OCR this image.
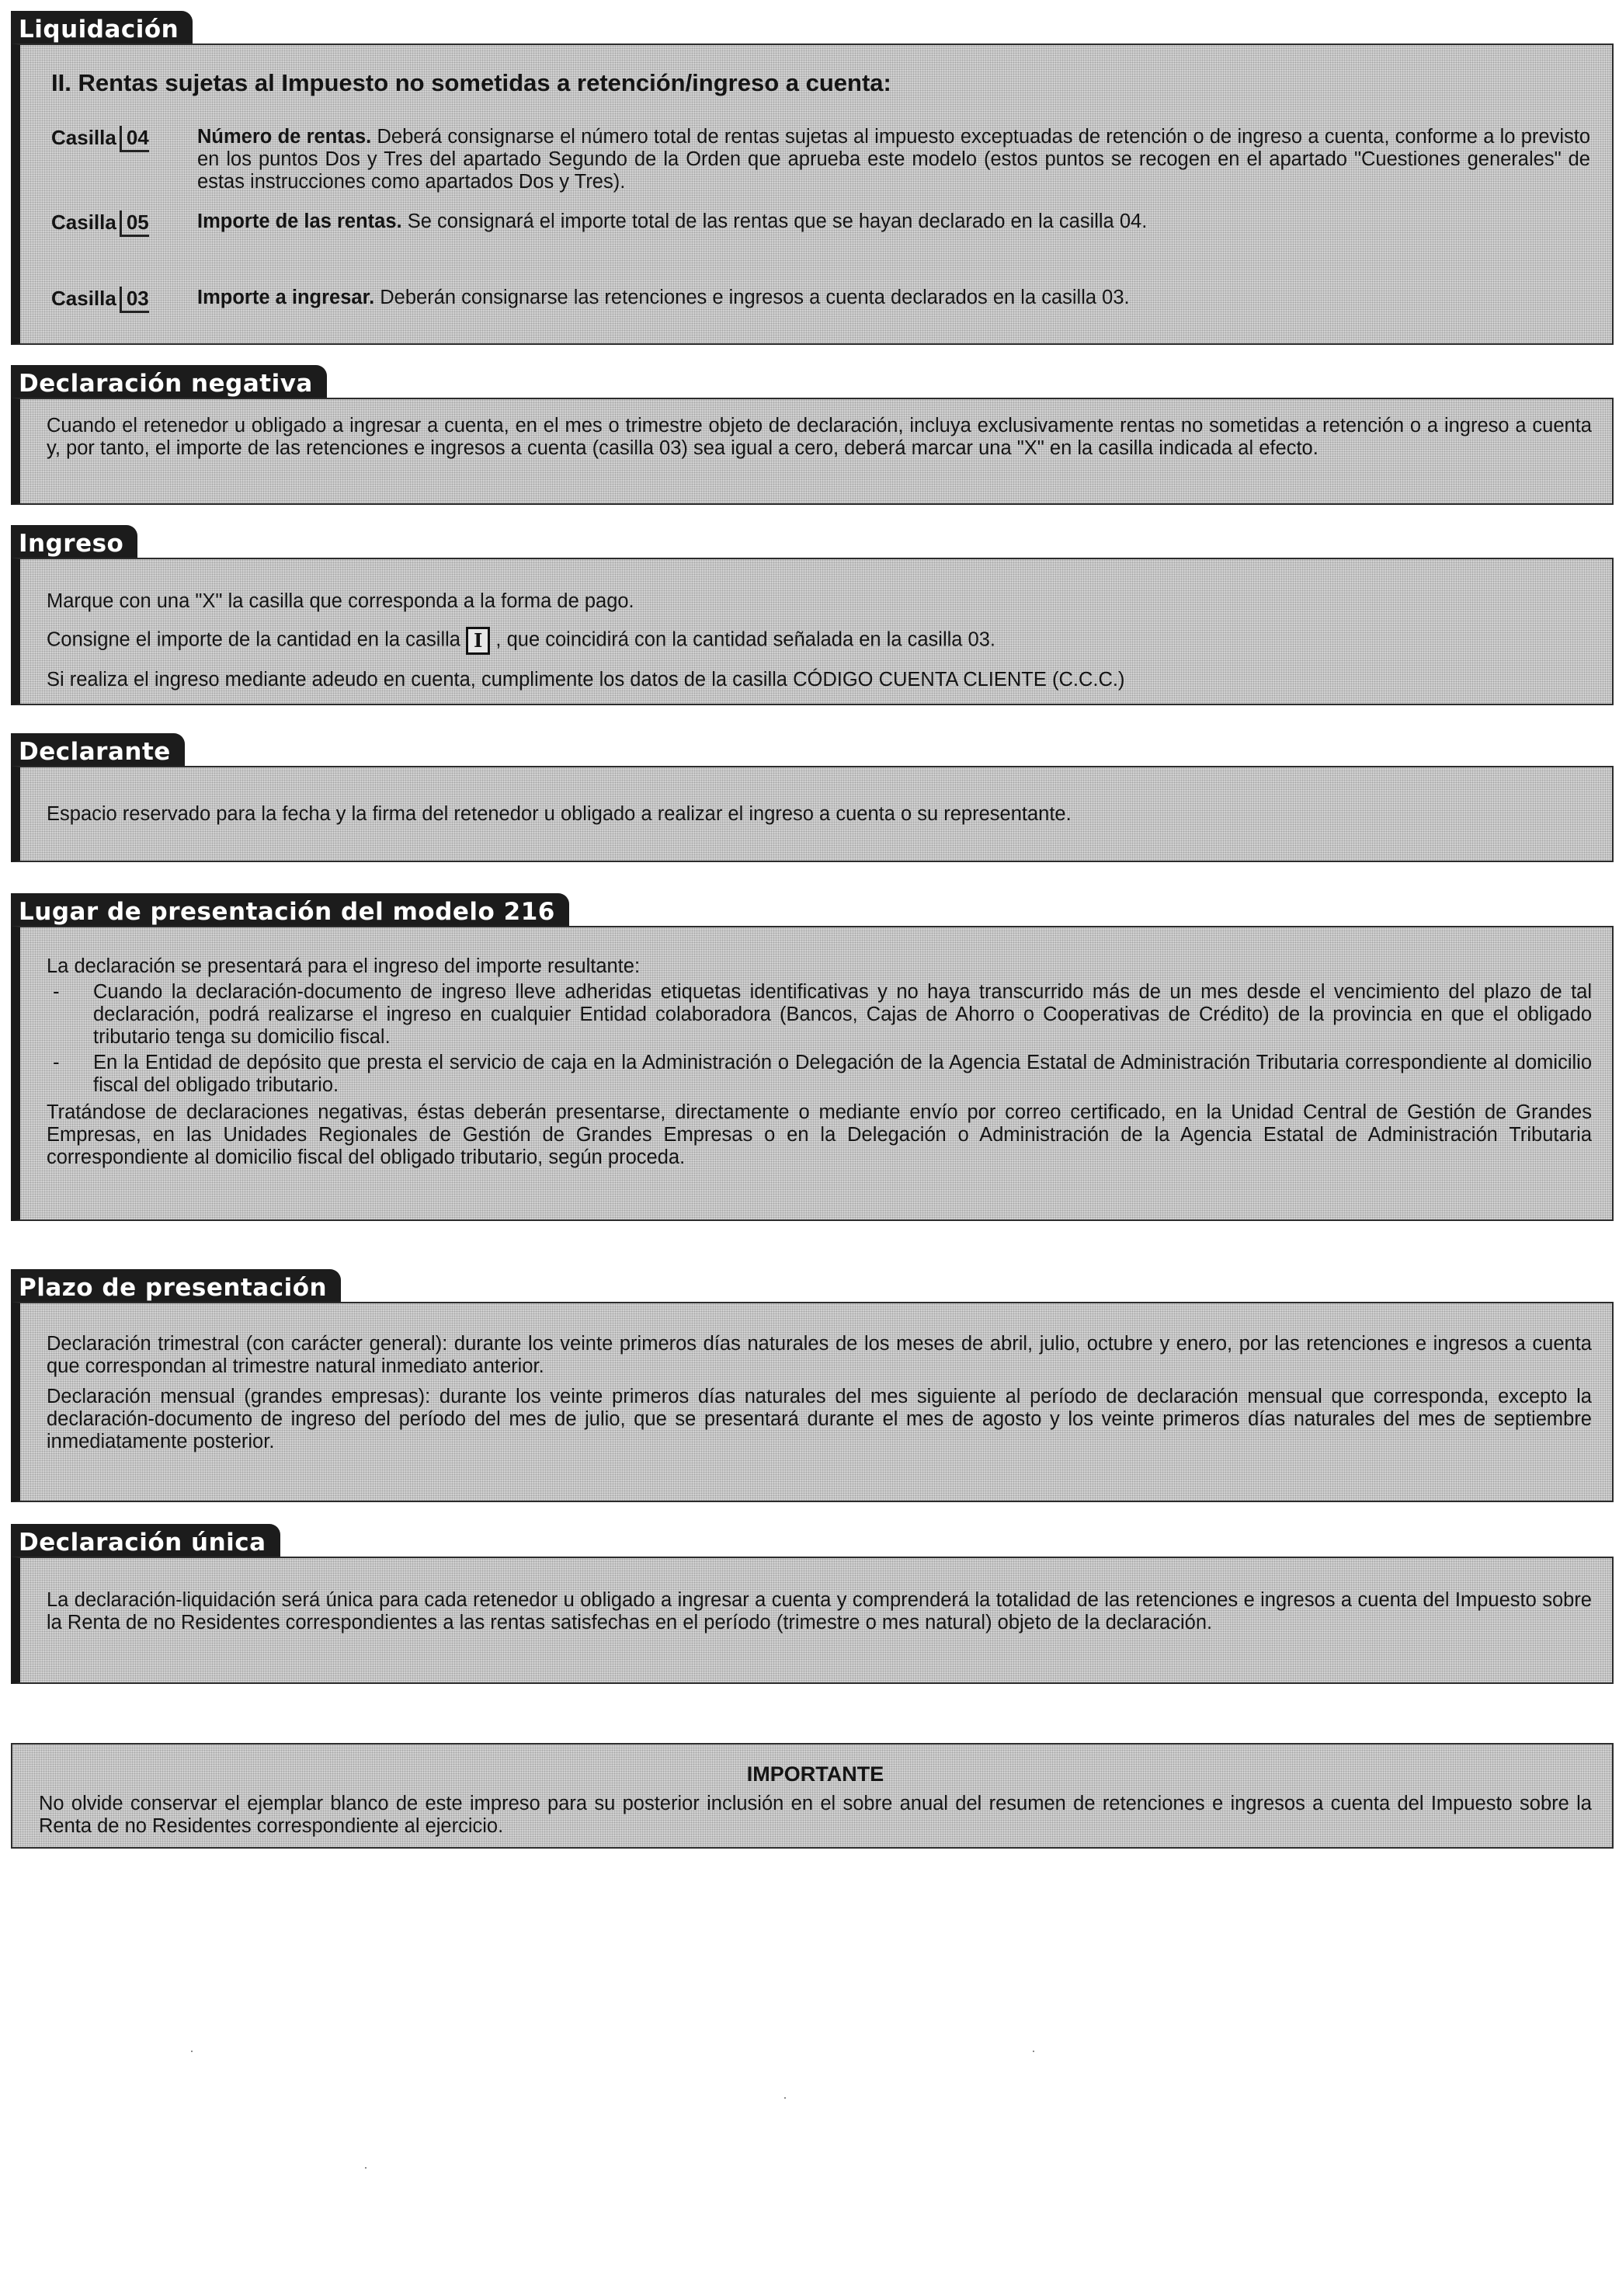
Liquidación

II. Rentas sujetas al Impuesto no sometidas a retención/ingreso a cuenta:

Casilla 04	Número de rentas. Deberá consignarse el número total de rentas sujetas al impuesto exceptuadas de retención o de ingreso a cuenta, conforme a lo previsto en los puntos Dos y Tres del apartado Segundo de la Orden que aprueba este modelo (estos puntos se recogen en el apartado "Cuestiones generales" de estas instrucciones como apartados Dos y Tres).
Casilla 05	Importe de las rentas. Se consignará el importe total de las rentas que se hayan declarado en la casilla 04.
Casilla 03	Importe a ingresar. Deberán consignarse las retenciones e ingresos a cuenta declarados en la casilla 03.
Declaración negativa

Cuando el retenedor u obligado a ingresar a cuenta, en el mes o trimestre objeto de declaración, incluya exclusivamente rentas no sometidas a retención o a ingreso a cuenta y, por tanto, el importe de las retenciones e ingresos a cuenta (casilla 03) sea igual a cero, deberá marcar una "X" en la casilla indicada al efecto.

Ingreso

Marque con una "X" la casilla que corresponda a la forma de pago.

Consigne el importe de la cantidad en la casilla I , que coincidirá con la cantidad señalada en la casilla 03.

Si realiza el ingreso mediante adeudo en cuenta, cumplimente los datos de la casilla CÓDIGO CUENTA CLIENTE (C.C.C.)

Declarante

Espacio reservado para la fecha y la firma del retenedor u obligado a realizar el ingreso a cuenta o su representante.

Lugar de presentación del modelo 216

La declaración se presentará para el ingreso del importe resultante:

-	Cuando la declaración-documento de ingreso lleve adheridas etiquetas identificativas y no haya transcurrido más de un mes desde el vencimiento del plazo de tal declaración, podrá realizarse el ingreso en cualquier Entidad colaboradora (Bancos, Cajas de Ahorro o Cooperativas de Crédito) de la provincia en que el obligado tributario tenga su domicilio fiscal.
-	En la Entidad de depósito que presta el servicio de caja en la Administración o Delegación de la Agencia Estatal de Administración Tributaria correspondiente al domicilio fiscal del obligado tributario.

Tratándose de declaraciones negativas, éstas deberán presentarse, directamente o mediante envío por correo certificado, en la Unidad Central de Gestión de Grandes Empresas, en las Unidades Regionales de Gestión de Grandes Empresas o en la Delegación o Administración de la Agencia Estatal de Administración Tributaria correspondiente al domicilio fiscal del obligado tributario, según proceda.

Plazo de presentación

Declaración trimestral (con carácter general): durante los veinte primeros días naturales de los meses de abril, julio, octubre y enero, por las retenciones e ingresos a cuenta que correspondan al trimestre natural inmediato anterior.

Declaración mensual (grandes empresas): durante los veinte primeros días naturales del mes siguiente al período de declaración mensual que corresponda, excepto la declaración-documento de ingreso del período del mes de julio, que se presentará durante el mes de agosto y los veinte primeros días naturales del mes de septiembre inmediatamente posterior.

Declaración única

La declaración-liquidación será única para cada retenedor u obligado a ingresar a cuenta y comprenderá la totalidad de las retenciones e ingresos a cuenta del Impuesto sobre la Renta de no Residentes correspondientes a las rentas satisfechas en el período (trimestre o mes natural) objeto de la declaración.

IMPORTANTE

No olvide conservar el ejemplar blanco de este impreso para su posterior inclusión en el sobre anual del resumen de retenciones e ingresos a cuenta del Impuesto sobre la Renta de no Residentes correspondiente al ejercicio.
